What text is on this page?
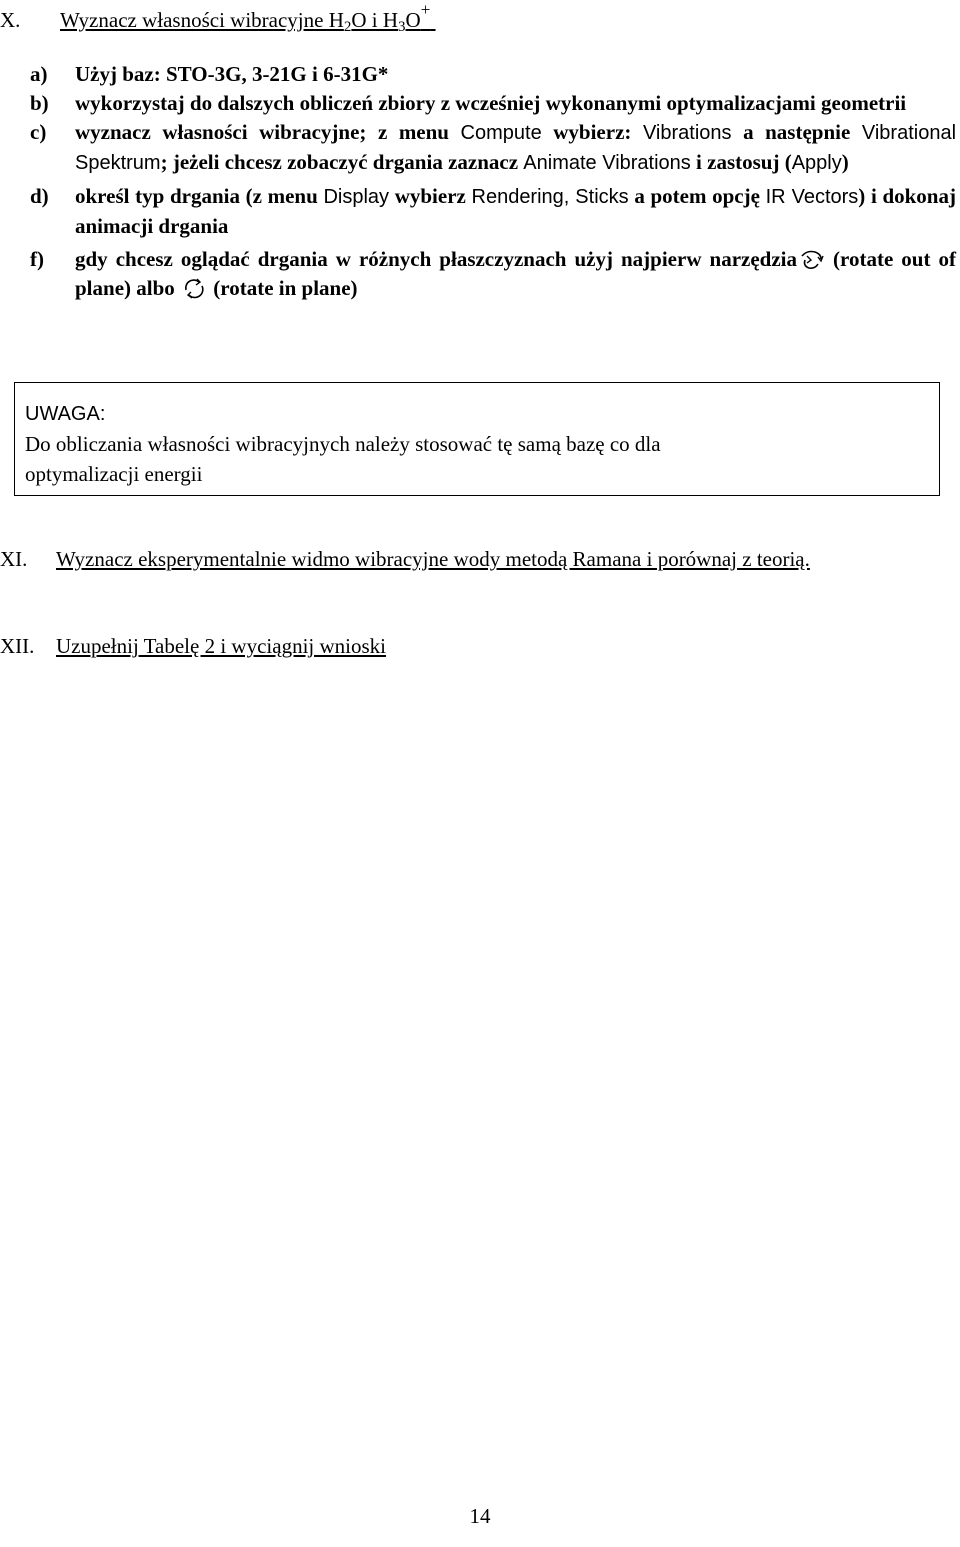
X.	Wyznacz własności wibracyjne $H_2O$ i $H_3O^+$
a)	Użyj baz: STO-3G, 3-21G i 6-31G*
b)	wykorzystaj do dalszych obliczeń zbiory z wcześniej wykonanymi optymalizacjami geometrii
c)	wyznacz własności wibracyjne; z menu Compute wybierz: Vibrations a następnie Vibrational Spektrum; jeżeli chcesz zobaczyć drgania zaznacz Animate Vibrations i zastosuj (Apply)
d)	określ typ drgania (z menu Display wybierz Rendering, Sticks a potem opcję IR Vectors) i dokonaj animacji drgania
f)	gdy chcesz oglądać drgania w różnych płaszczyznach użyj najpierw narzędzia (rotate out of plane) albo  (rotate in plane)
UWAGA:
Do obliczania własności wibracyjnych należy stosować tę samą bazę co dla
optymalizacji energii
XI.	Wyznacz eksperymentalnie widmo wibracyjne wody metodą Ramana i porównaj z teorią.
XII.	Uzupełnij Tabelę 2 i wyciągnij wnioski
14
